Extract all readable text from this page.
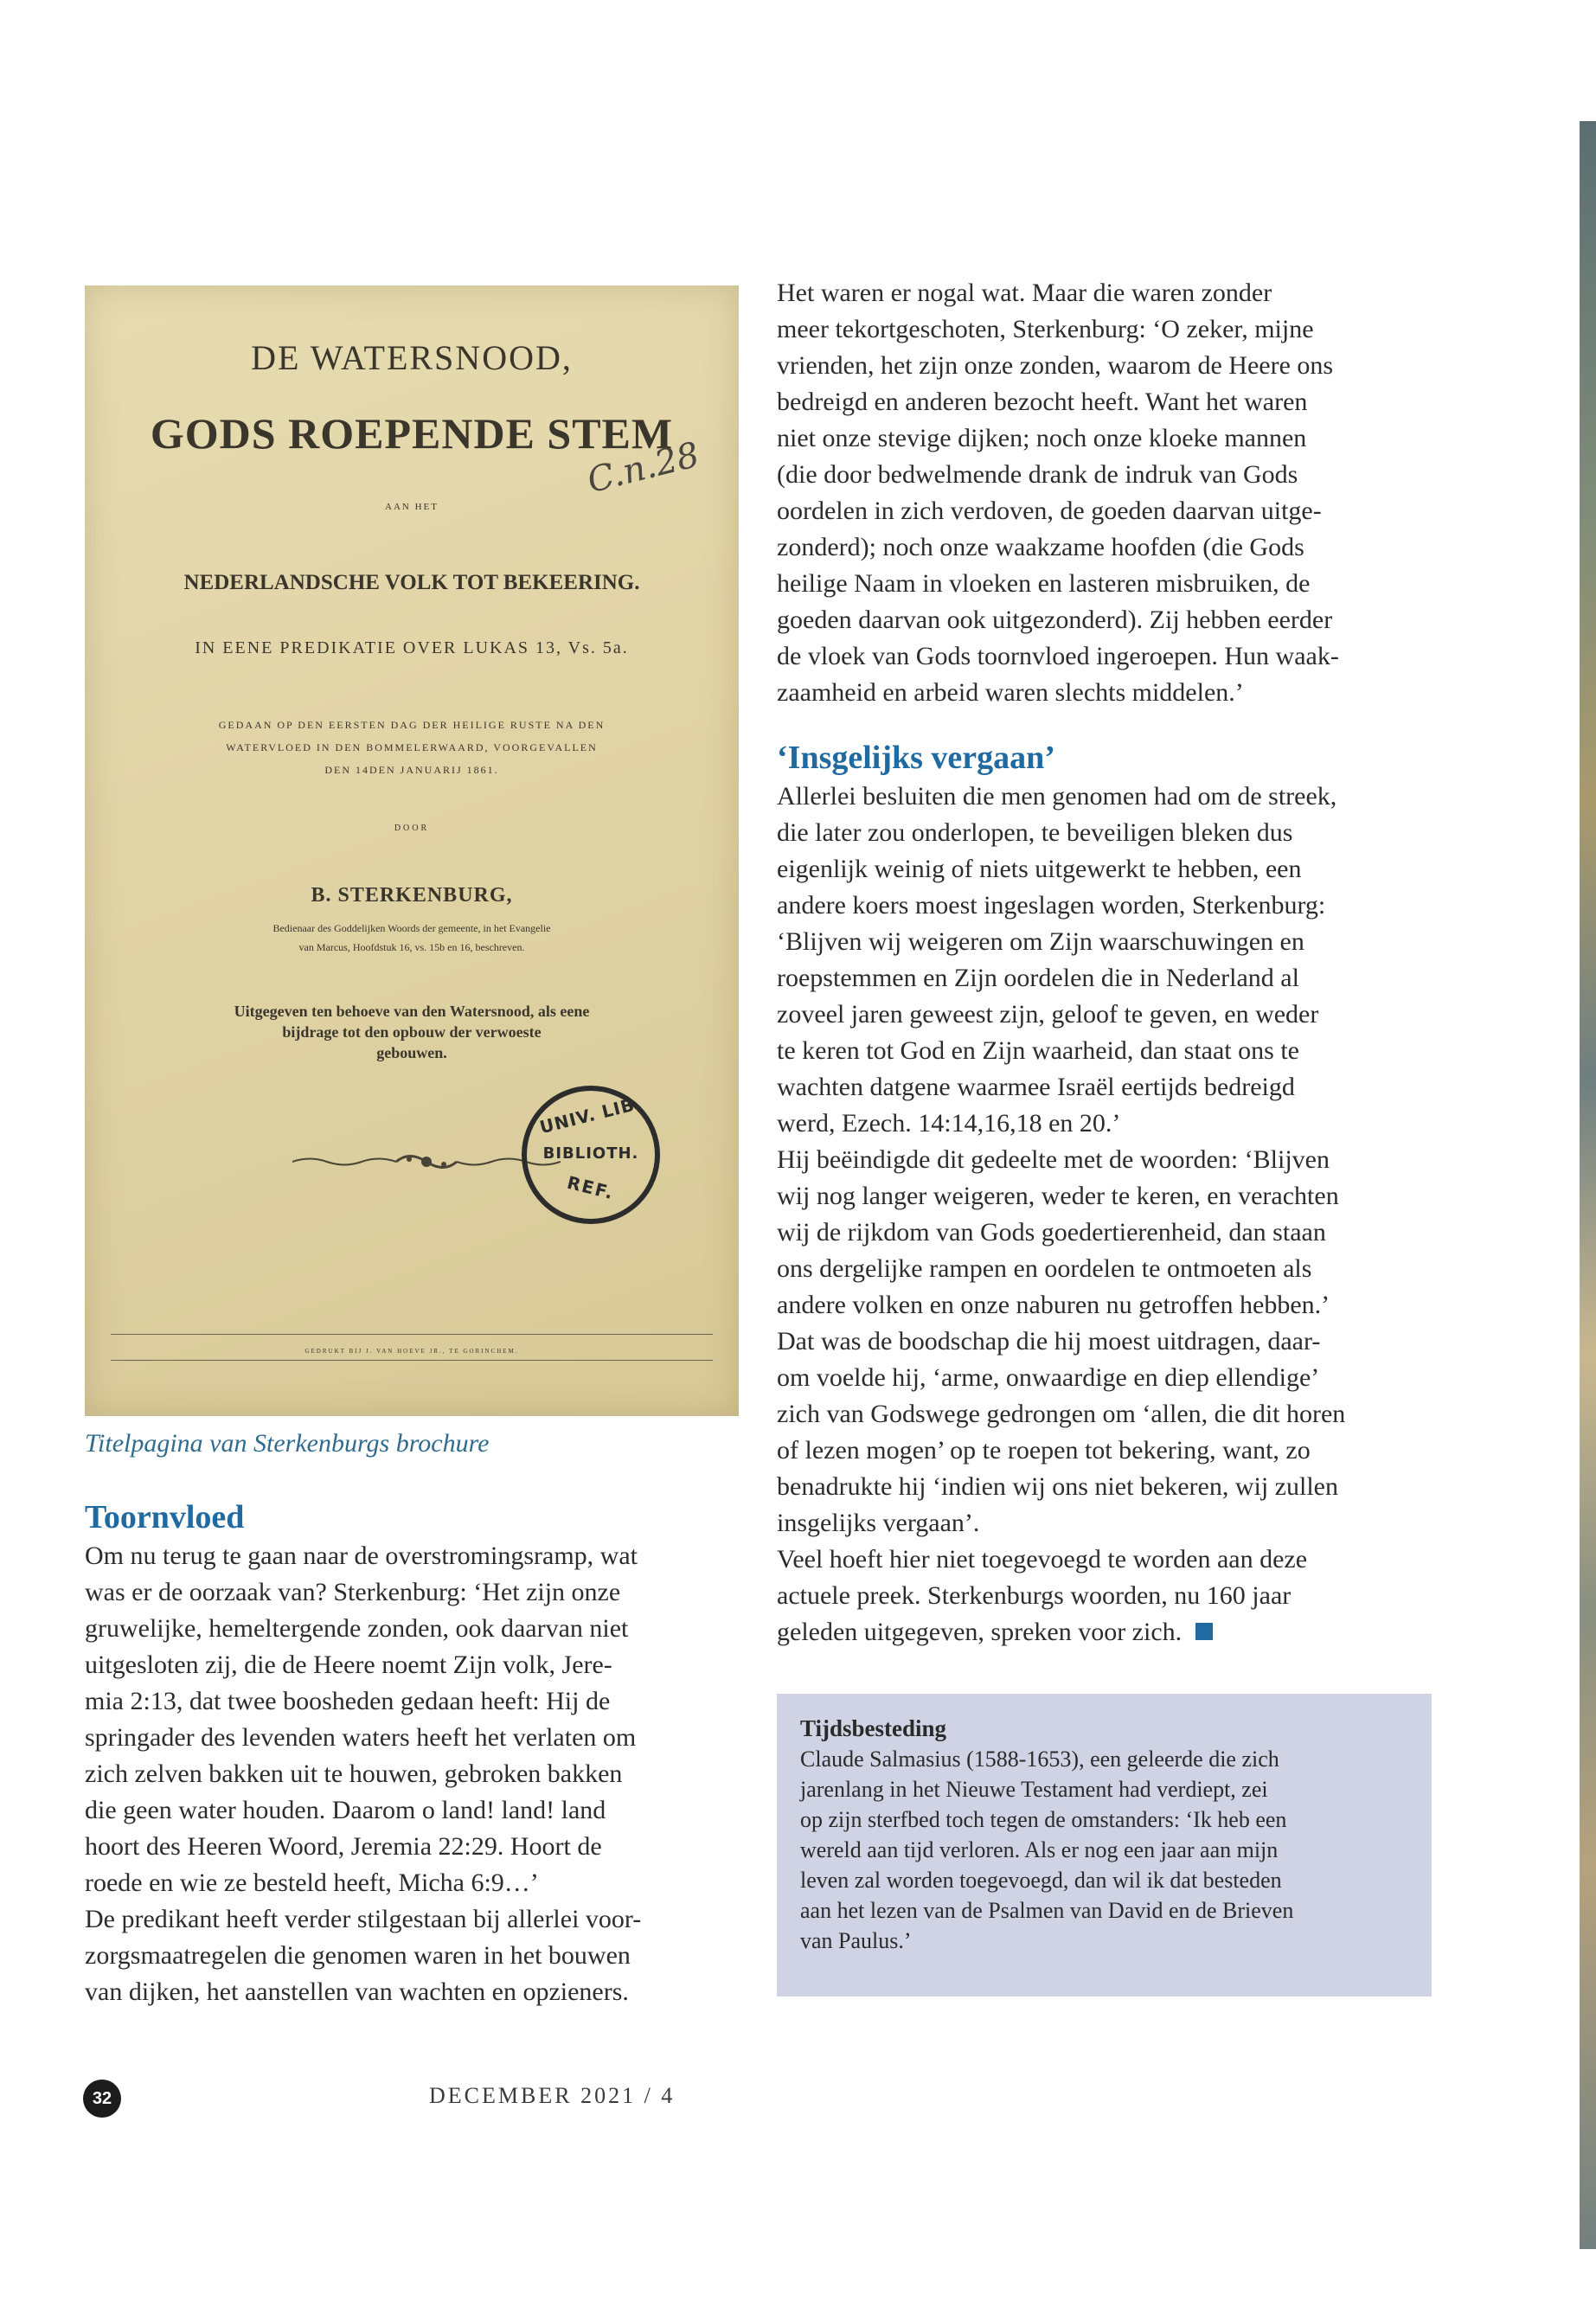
DE WATERSNOOD,
GODS ROEPENDE STEM
AAN HET
NEDERLANDSCHE VOLK TOT BEKEERING.
IN EENE PREDIKATIE OVER LUKAS 13, Vs. 5a.
GEDAAN OP DEN EERSTEN DAG DER HEILIGE RUSTE NA DEN
WATERVLOED IN DEN BOMMELERWAARD, VOORGEVALLEN
DEN 14DEN JANUARIJ 1861.
DOOR
B. STERKENBURG,
Bedienaar des Goddelijken Woords der gemeente, in het Evangelie
van Marcus, Hoofdstuk 16, vs. 15b en 16, beschreven.
Uitgegeven ten behoeve van den Watersnood, als eene
bijdrage tot den opbouw der verwoeste
gebouwen.
C.n.28
UNIV. LIB.
BIBLIOTH.
REF.
GEDRUKT BIJ J. VAN HOEVE JR., TE GORINCHEM.
Titelpagina van Sterkenburgs brochure
Toornvloed
Om nu terug te gaan naar de overstromingsramp, wat
was er de oorzaak van? Sterkenburg: ‘Het zijn onze
gruwelijke, hemeltergende zonden, ook daarvan niet
uitgesloten zij, die de Heere noemt Zijn volk, Jere-
mia 2:13, dat twee boosheden gedaan heeft: Hij de
springader des levenden waters heeft het verlaten om
zich zelven bakken uit te houwen, gebroken bakken
die geen water houden. Daarom o land! land! land
hoort des Heeren Woord, Jeremia 22:29. Hoort de
roede en wie ze besteld heeft, Micha 6:9…’
De predikant heeft verder stilgestaan bij allerlei voor-
zorgsmaatregelen die genomen waren in het bouwen
van dijken, het aanstellen van wachten en opzieners.
Het waren er nogal wat. Maar die waren zonder
meer tekortgeschoten, Sterkenburg: ‘O zeker, mijne
vrienden, het zijn onze zonden, waarom de Heere ons
bedreigd en anderen bezocht heeft. Want het waren
niet onze stevige dijken; noch onze kloeke mannen
(die door bedwelmende drank de indruk van Gods
oordelen in zich verdoven, de goeden daarvan uitge-
zonderd); noch onze waakzame hoofden (die Gods
heilige Naam in vloeken en lasteren misbruiken, de
goeden daarvan ook uitgezonderd). Zij hebben eerder
de vloek van Gods toornvloed ingeroepen. Hun waak-
zaamheid en arbeid waren slechts middelen.’
‘Insgelijks vergaan’
Allerlei besluiten die men genomen had om de streek,
die later zou onderlopen, te beveiligen bleken dus
eigenlijk weinig of niets uitgewerkt te hebben, een
andere koers moest ingeslagen worden, Sterkenburg:
‘Blijven wij weigeren om Zijn waarschuwingen en
roepstemmen en Zijn oordelen die in Nederland al
zoveel jaren geweest zijn, geloof te geven, en weder
te keren tot God en Zijn waarheid, dan staat ons te
wachten datgene waarmee Israël eertijds bedreigd
werd, Ezech. 14:14,16,18 en 20.’
Hij beëindigde dit gedeelte met de woorden: ‘Blijven
wij nog langer weigeren, weder te keren, en verachten
wij de rijkdom van Gods goedertierenheid, dan staan
ons dergelijke rampen en oordelen te ontmoeten als
andere volken en onze naburen nu getroffen hebben.’
Dat was de boodschap die hij moest uitdragen, daar-
om voelde hij, ‘arme, onwaardige en diep ellendige’
zich van Godswege gedrongen om ‘allen, die dit horen
of lezen mogen’ op te roepen tot bekering, want, zo
benadrukte hij ‘indien wij ons niet bekeren, wij zullen
insgelijks vergaan’.
Veel hoeft hier niet toegevoegd te worden aan deze
actuele preek. Sterkenburgs woorden, nu 160 jaar
geleden uitgegeven, spreken voor zich.
Tijdsbesteding
Claude Salmasius (1588-1653), een geleerde die zich
jarenlang in het Nieuwe Testament had verdiept, zei
op zijn sterfbed toch tegen de omstanders: ‘Ik heb een
wereld aan tijd verloren. Als er nog een jaar aan mijn
leven zal worden toegevoegd, dan wil ik dat besteden
aan het lezen van de Psalmen van David en de Brieven
van Paulus.’
32	DECEMBER 2021 / 4
